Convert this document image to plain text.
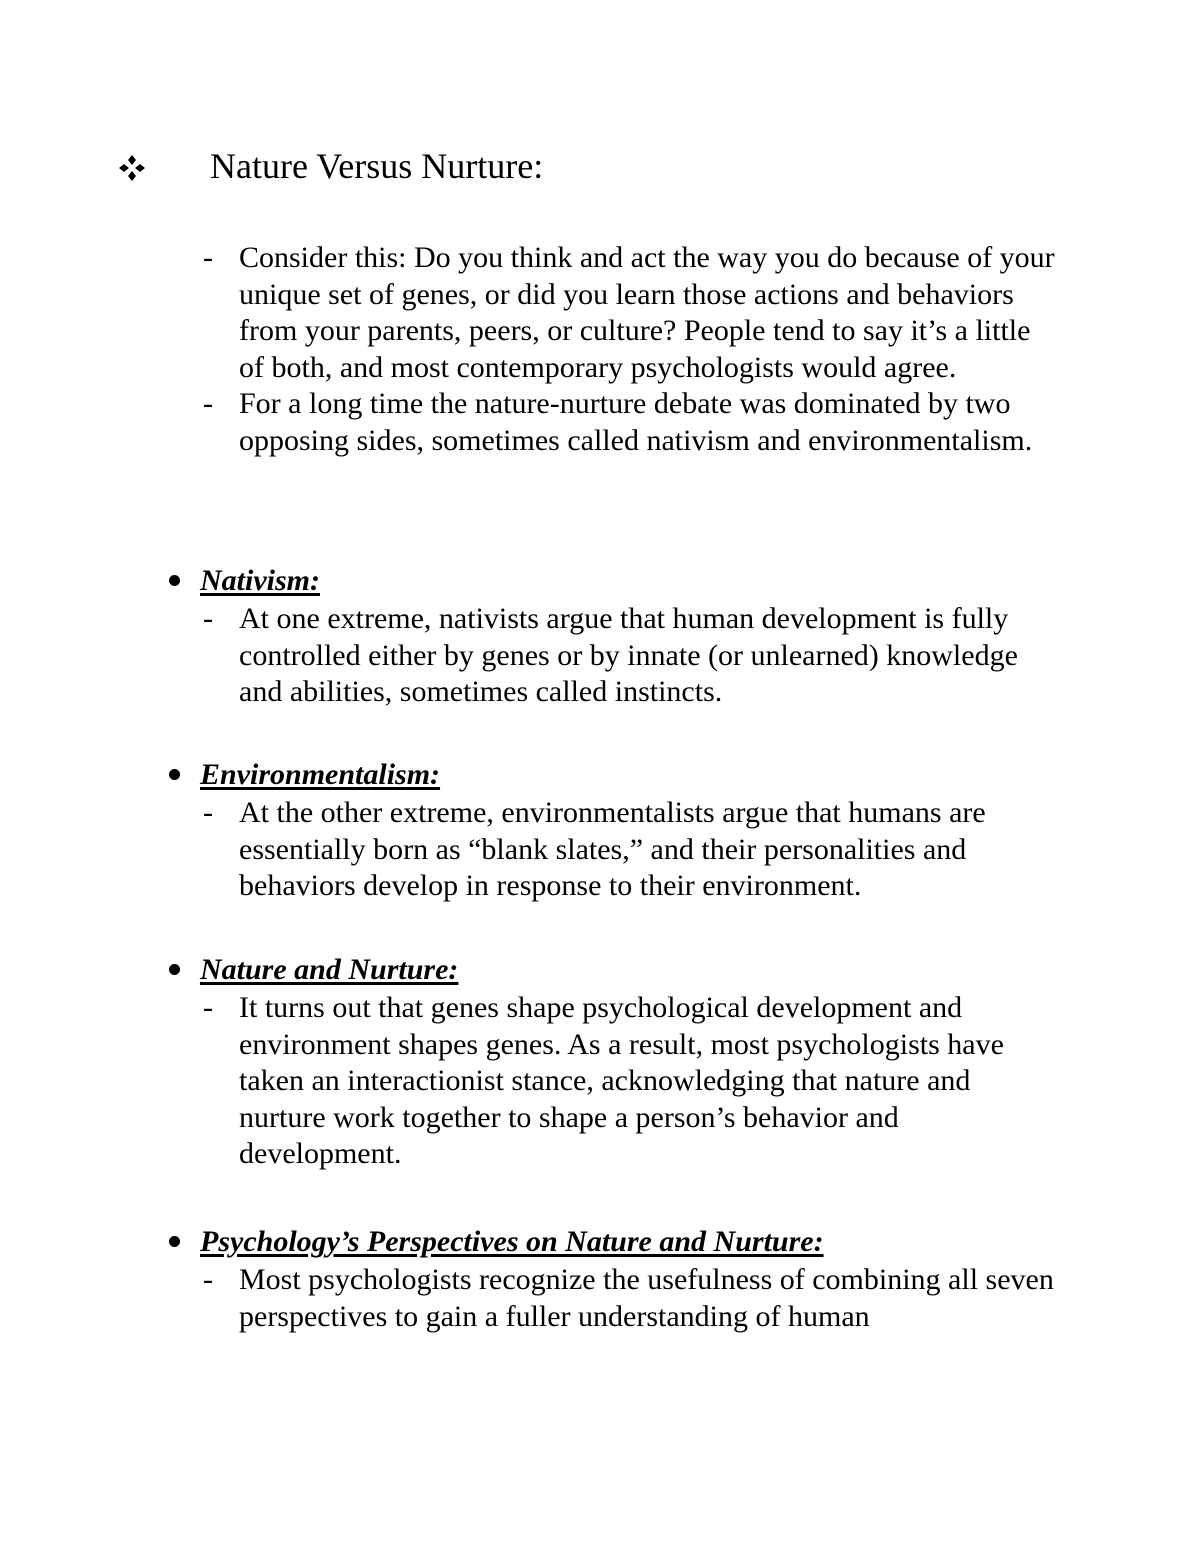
Nature Versus Nurture:
- Consider this: Do you think and act the way you do because of your unique set of genes, or did you learn those actions and behaviors from your parents, peers, or culture? People tend to say it’s a little of both, and most contemporary psychologists would agree.
- For a long time the nature-nurture debate was dominated by two opposing sides, sometimes called nativism and environmentalism.
Nativism:
- At one extreme, nativists argue that human development is fully controlled either by genes or by innate (or unlearned) knowledge and abilities, sometimes called instincts.
Environmentalism:
- At the other extreme, environmentalists argue that humans are essentially born as “blank slates,” and their personalities and behaviors develop in response to their environment.
Nature and Nurture:
- It turns out that genes shape psychological development and environment shapes genes. As a result, most psychologists have taken an interactionist stance, acknowledging that nature and nurture work together to shape a person’s behavior and development.
Psychology’s Perspectives on Nature and Nurture:
- Most psychologists recognize the usefulness of combining all seven perspectives to gain a fuller understanding of human
